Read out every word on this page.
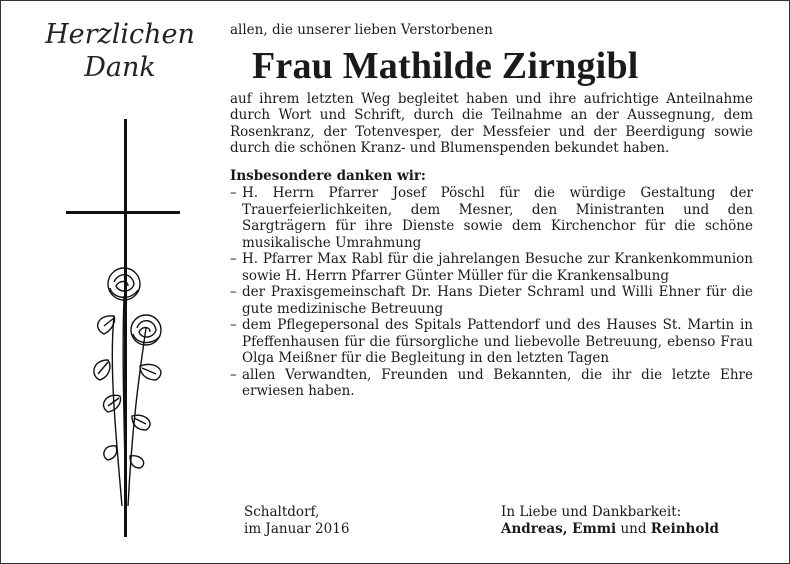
Herzlichen
Dank
allen, die unserer lieben Verstorbenen
Frau Mathilde Zirngibl

auf ihrem letzten Weg begleitet haben und ihre aufrichtige Anteilnahme durch Wort und Schrift, durch die Teilnahme an der Aussegnung, dem Rosenkranz, der Totenvesper, der Messfeier und der Beerdigung sowie durch die schönen Kranz- und Blumenspenden bekundet haben.

Insbesondere danken wir:
– H. Herrn Pfarrer Josef Pöschl für die würdige Gestaltung der Trauerfeierlichkeiten, dem Mesner, den Ministranten und den Sargträgern für ihre Dienste sowie dem Kirchenchor für die schöne musikalische Umrahmung
– H. Pfarrer Max Rabl für die jahrelangen Besuche zur Krankenkommunion sowie H. Herrn Pfarrer Günter Müller für die Krankensalbung
– der Praxisgemeinschaft Dr. Hans Dieter Schraml und Willi Ehner für die gute medizinische Betreuung
– dem Pflegepersonal des Spitals Pattendorf und des Hauses St. Martin in Pfeffenhausen für die fürsorgliche und liebevolle Betreuung, ebenso Frau Olga Meißner für die Begleitung in den letzten Tagen
– allen Verwandten, Freunden und Bekannten, die ihr die letzte Ehre erwiesen haben.
Schaltdorf,
im Januar 2016
In Liebe und Dankbarkeit:
Andreas, Emmi und Reinhold
